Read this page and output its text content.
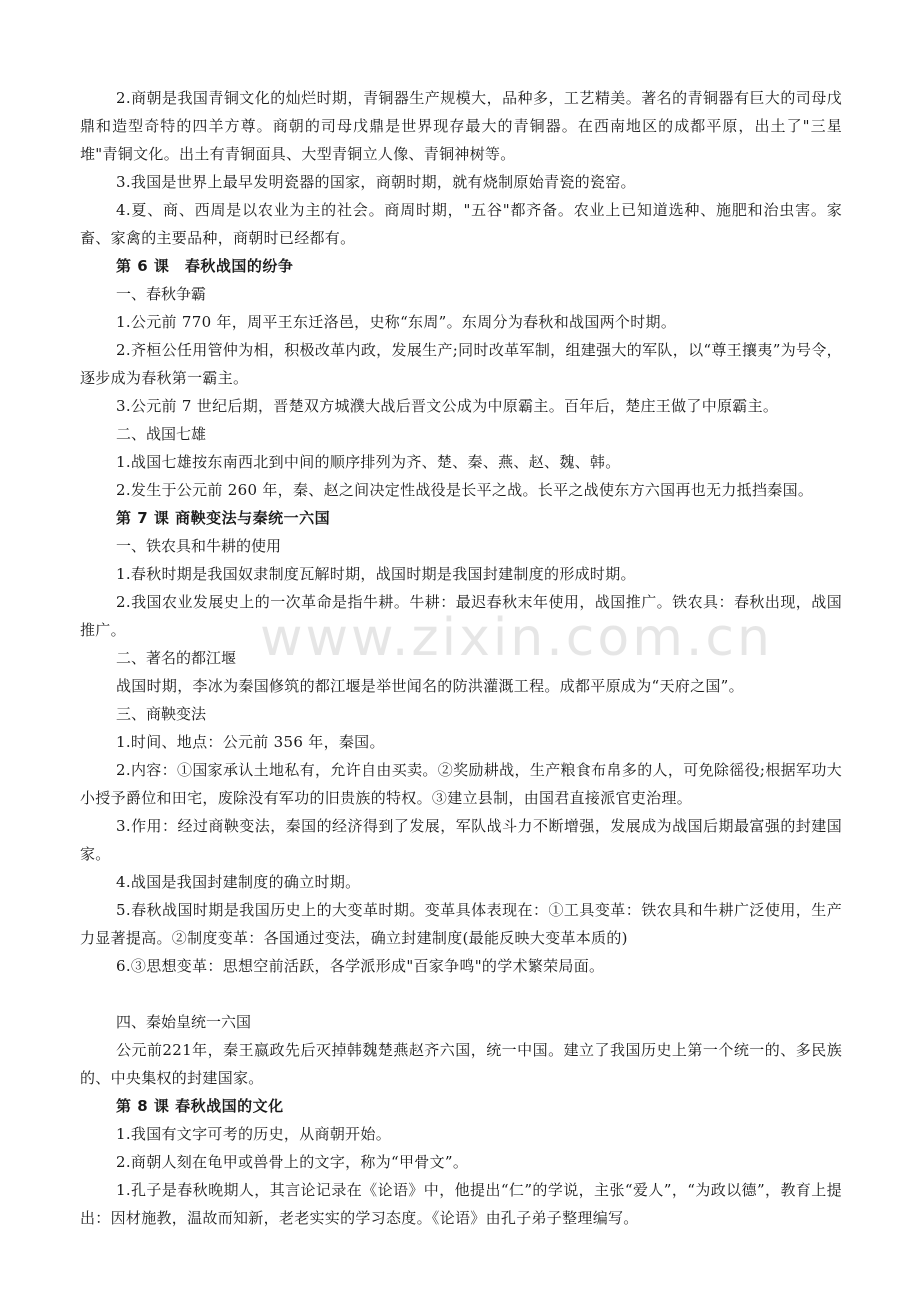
2.商朝是我国青铜文化的灿烂时期，青铜器生产规模大，品种多，工艺精美。著名的青铜器有巨大的司母戊鼎和造型奇特的四羊方尊。商朝的司母戊鼎是世界现存最大的青铜器。在西南地区的成都平原，出土了"三星堆"青铜文化。出土有青铜面具、大型青铜立人像、青铜神树等。

3.我国是世界上最早发明瓷器的国家，商朝时期，就有烧制原始青瓷的瓷窑。

4.夏、商、西周是以农业为主的社会。商周时期，"五谷"都齐备。农业上已知道选种、施肥和治虫害。家畜、家禽的主要品种，商朝时已经都有。

第 6 课　春秋战国的纷争

一、春秋争霸

1.公元前 770 年，周平王东迁洛邑，史称“东周”。东周分为春秋和战国两个时期。

2.齐桓公任用管仲为相，积极改革内政，发展生产;同时改革军制，组建强大的军队，以“尊王攘夷”为号令，逐步成为春秋第一霸主。

3.公元前 7 世纪后期，晋楚双方城濮大战后晋文公成为中原霸主。百年后，楚庄王做了中原霸主。

二、战国七雄

1.战国七雄按东南西北到中间的顺序排列为齐、楚、秦、燕、赵、魏、韩。

2.发生于公元前 260 年，秦、赵之间决定性战役是长平之战。长平之战使东方六国再也无力抵挡秦国。

第 7 课 商鞅变法与秦统一六国

一、铁农具和牛耕的使用

1.春秋时期是我国奴隶制度瓦解时期，战国时期是我国封建制度的形成时期。

2.我国农业发展史上的一次革命是指牛耕。牛耕：最迟春秋末年使用，战国推广。铁农具：春秋出现，战国推广。

二、著名的都江堰

战国时期，李冰为秦国修筑的都江堰是举世闻名的防洪灌溉工程。成都平原成为“天府之国”。

三、商鞅变法

1.时间、地点：公元前 356 年，秦国。

2.内容：①国家承认土地私有，允许自由买卖。②奖励耕战，生产粮食布帛多的人，可免除徭役;根据军功大小授予爵位和田宅，废除没有军功的旧贵族的特权。③建立县制，由国君直接派官吏治理。

3.作用：经过商鞅变法，秦国的经济得到了发展，军队战斗力不断增强，发展成为战国后期最富强的封建国家。

4.战国是我国封建制度的确立时期。

5.春秋战国时期是我国历史上的大变革时期。变革具体表现在：①工具变革：铁农具和牛耕广泛使用，生产力显著提高。②制度变革：各国通过变法，确立封建制度(最能反映大变革本质的)

6.③思想变革：思想空前活跃，各学派形成"百家争鸣"的学术繁荣局面。

四、秦始皇统一六国

公元前221年，秦王嬴政先后灭掉韩魏楚燕赵齐六国，统一中国。建立了我国历史上第一个统一的、多民族的、中央集权的封建国家。

第 8 课 春秋战国的文化

1.我国有文字可考的历史，从商朝开始。

2.商朝人刻在龟甲或兽骨上的文字，称为“甲骨文”。

1.孔子是春秋晚期人，其言论记录在《论语》中，他提出“仁”的学说，主张“爱人”，“为政以德”，教育上提出：因材施教，温故而知新，老老实实的学习态度。《论语》由孔子弟子整理编写。

www.zixin.com.cn
